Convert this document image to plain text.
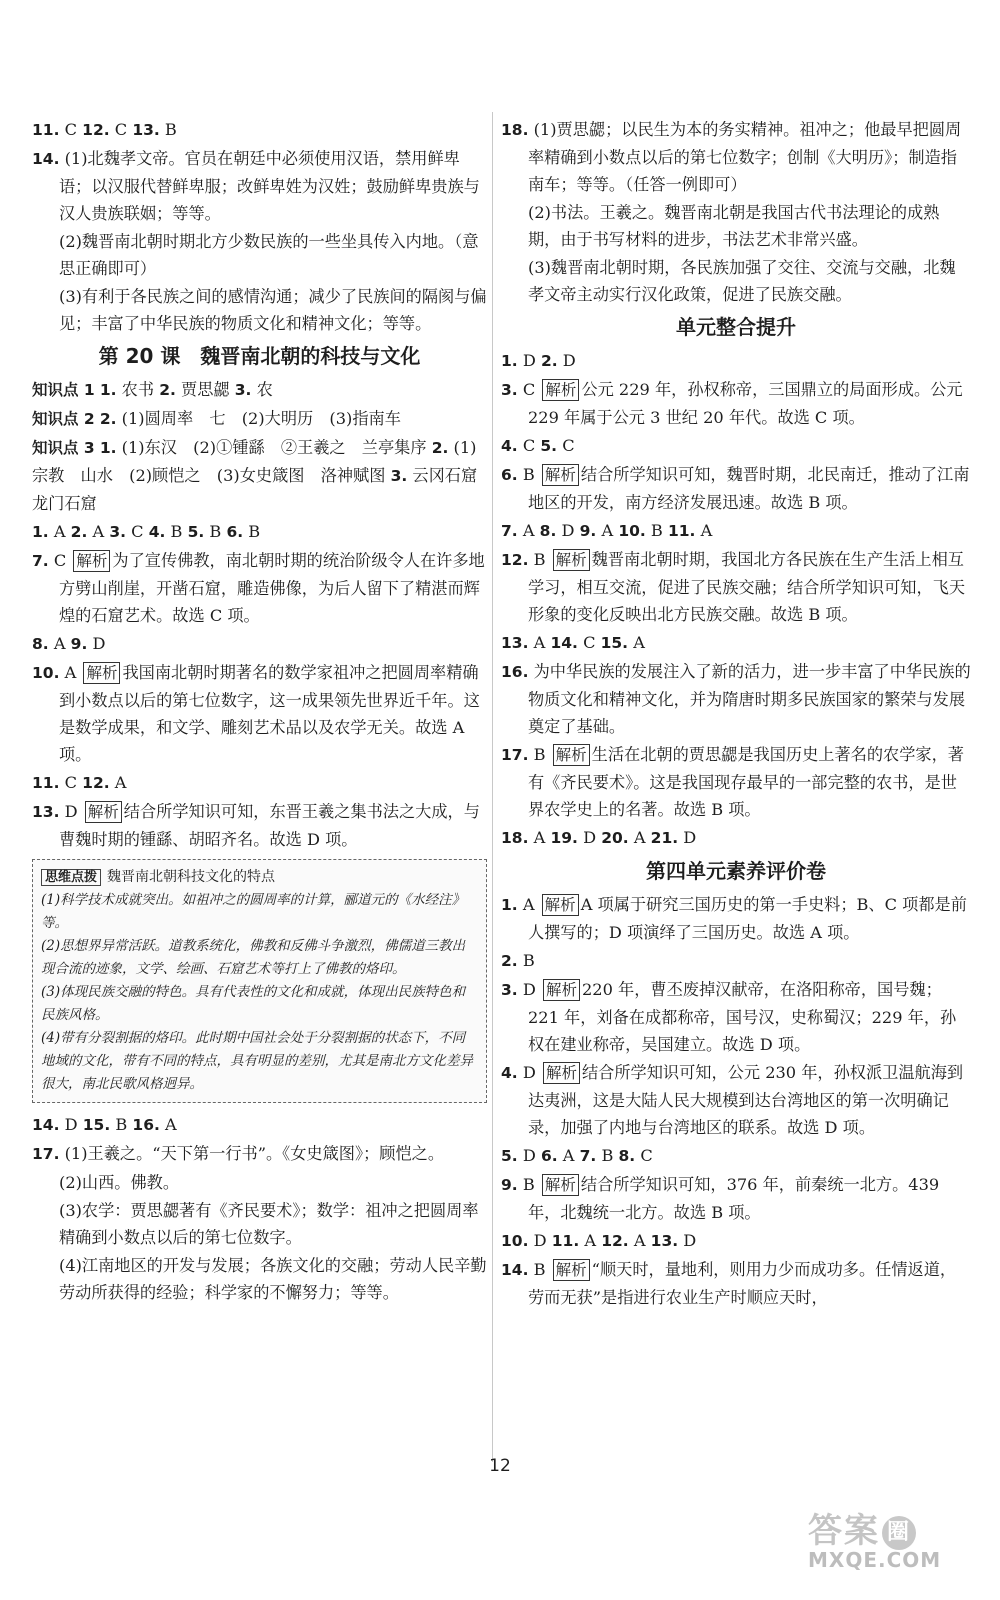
11. C 12. C 13. B

14. (1)北魏孝文帝。官员在朝廷中必须使用汉语，禁用鲜卑语；以汉服代替鲜卑服；改鲜卑姓为汉姓；鼓励鲜卑贵族与汉人贵族联姻；等等。

(2)魏晋南北朝时期北方少数民族的一些坐具传入内地。（意思正确即可）

(3)有利于各民族之间的感情沟通；减少了民族间的隔阂与偏见；丰富了中华民族的物质文化和精神文化；等等。

第 20 课　魏晋南北朝的科技与文化

知识点 1 1. 农书 2. 贾思勰 3. 农

知识点 2 2. (1)圆周率　七　(2)大明历　(3)指南车

知识点 3 1. (1)东汉　(2)①锺繇　②王羲之　兰亭集序 2. (1)宗教　山水　(2)顾恺之　(3)女史箴图　洛神赋图 3. 云冈石窟　龙门石窟

1. A 2. A 3. C 4. B 5. B 6. B

7. C 解析 为了宣传佛教，南北朝时期的统治阶级令人在许多地方劈山削崖，开凿石窟，雕造佛像，为后人留下了精湛而辉煌的石窟艺术。故选 C 项。

8. A 9. D

10. A 解析 我国南北朝时期著名的数学家祖冲之把圆周率精确到小数点以后的第七位数字，这一成果领先世界近千年。这是数学成果，和文学、雕刻艺术品以及农学无关。故选 A 项。

11. C 12. A

13. D 解析 结合所学知识可知，东晋王羲之集书法之大成，与曹魏时期的锺繇、胡昭齐名。故选 D 项。

思维点拨 魏晋南北朝科技文化的特点

(1)科学技术成就突出。如祖冲之的圆周率的计算，郦道元的《水经注》等。

(2)思想界异常活跃。道教系统化，佛教和反佛斗争激烈，佛儒道三教出现合流的迹象，文学、绘画、石窟艺术等打上了佛教的烙印。

(3)体现民族交融的特色。具有代表性的文化和成就，体现出民族特色和民族风格。

(4)带有分裂割据的烙印。此时期中国社会处于分裂割据的状态下，不同地域的文化，带有不同的特点，具有明显的差别，尤其是南北方文化差异很大，南北民歌风格迥异。

14. D 15. B 16. A

17. (1)王羲之。“天下第一行书”。《女史箴图》；顾恺之。

(2)山西。佛教。

(3)农学：贾思勰著有《齐民要术》；数学：祖冲之把圆周率精确到小数点以后的第七位数字。

(4)江南地区的开发与发展；各族文化的交融；劳动人民辛勤劳动所获得的经验；科学家的不懈努力；等等。

18. (1)贾思勰；以民生为本的务实精神。祖冲之；他最早把圆周率精确到小数点以后的第七位数字；创制《大明历》；制造指南车；等等。（任答一例即可）

(2)书法。王羲之。魏晋南北朝是我国古代书法理论的成熟期，由于书写材料的进步，书法艺术非常兴盛。

(3)魏晋南北朝时期，各民族加强了交往、交流与交融，北魏孝文帝主动实行汉化政策，促进了民族交融。

单元整合提升

1. D 2. D

3. C 解析 公元 229 年，孙权称帝，三国鼎立的局面形成。公元 229 年属于公元 3 世纪 20 年代。故选 C 项。

4. C 5. C

6. B 解析 结合所学知识可知，魏晋时期，北民南迁，推动了江南地区的开发，南方经济发展迅速。故选 B 项。

7. A 8. D 9. A 10. B 11. A

12. B 解析 魏晋南北朝时期，我国北方各民族在生产生活上相互学习，相互交流，促进了民族交融；结合所学知识可知，飞天形象的变化反映出北方民族交融。故选 B 项。

13. A 14. C 15. A

16. 为中华民族的发展注入了新的活力，进一步丰富了中华民族的物质文化和精神文化，并为隋唐时期多民族国家的繁荣与发展奠定了基础。

17. B 解析 生活在北朝的贾思勰是我国历史上著名的农学家，著有《齐民要术》。这是我国现存最早的一部完整的农书，是世界农学史上的名著。故选 B 项。

18. A 19. D 20. A 21. D

第四单元素养评价卷

1. A 解析 A 项属于研究三国历史的第一手史料；B、C 项都是前人撰写的；D 项演绎了三国历史。故选 A 项。

2. B

3. D 解析 220 年，曹丕废掉汉献帝，在洛阳称帝，国号魏；221 年，刘备在成都称帝，国号汉，史称蜀汉；229 年，孙权在建业称帝，吴国建立。故选 D 项。

4. D 解析 结合所学知识可知，公元 230 年，孙权派卫温航海到达夷洲，这是大陆人民大规模到达台湾地区的第一次明确记录，加强了内地与台湾地区的联系。故选 D 项。

5. D 6. A 7. B 8. C

9. B 解析 结合所学知识可知，376 年，前秦统一北方。439 年，北魏统一北方。故选 B 项。

10. D 11. A 12. A 13. D

14. B 解析 “顺天时，量地利，则用力少而成功多。任情返道，劳而无获”是指进行农业生产时顺应天时，

12
答案 圈
MXQE.COM
